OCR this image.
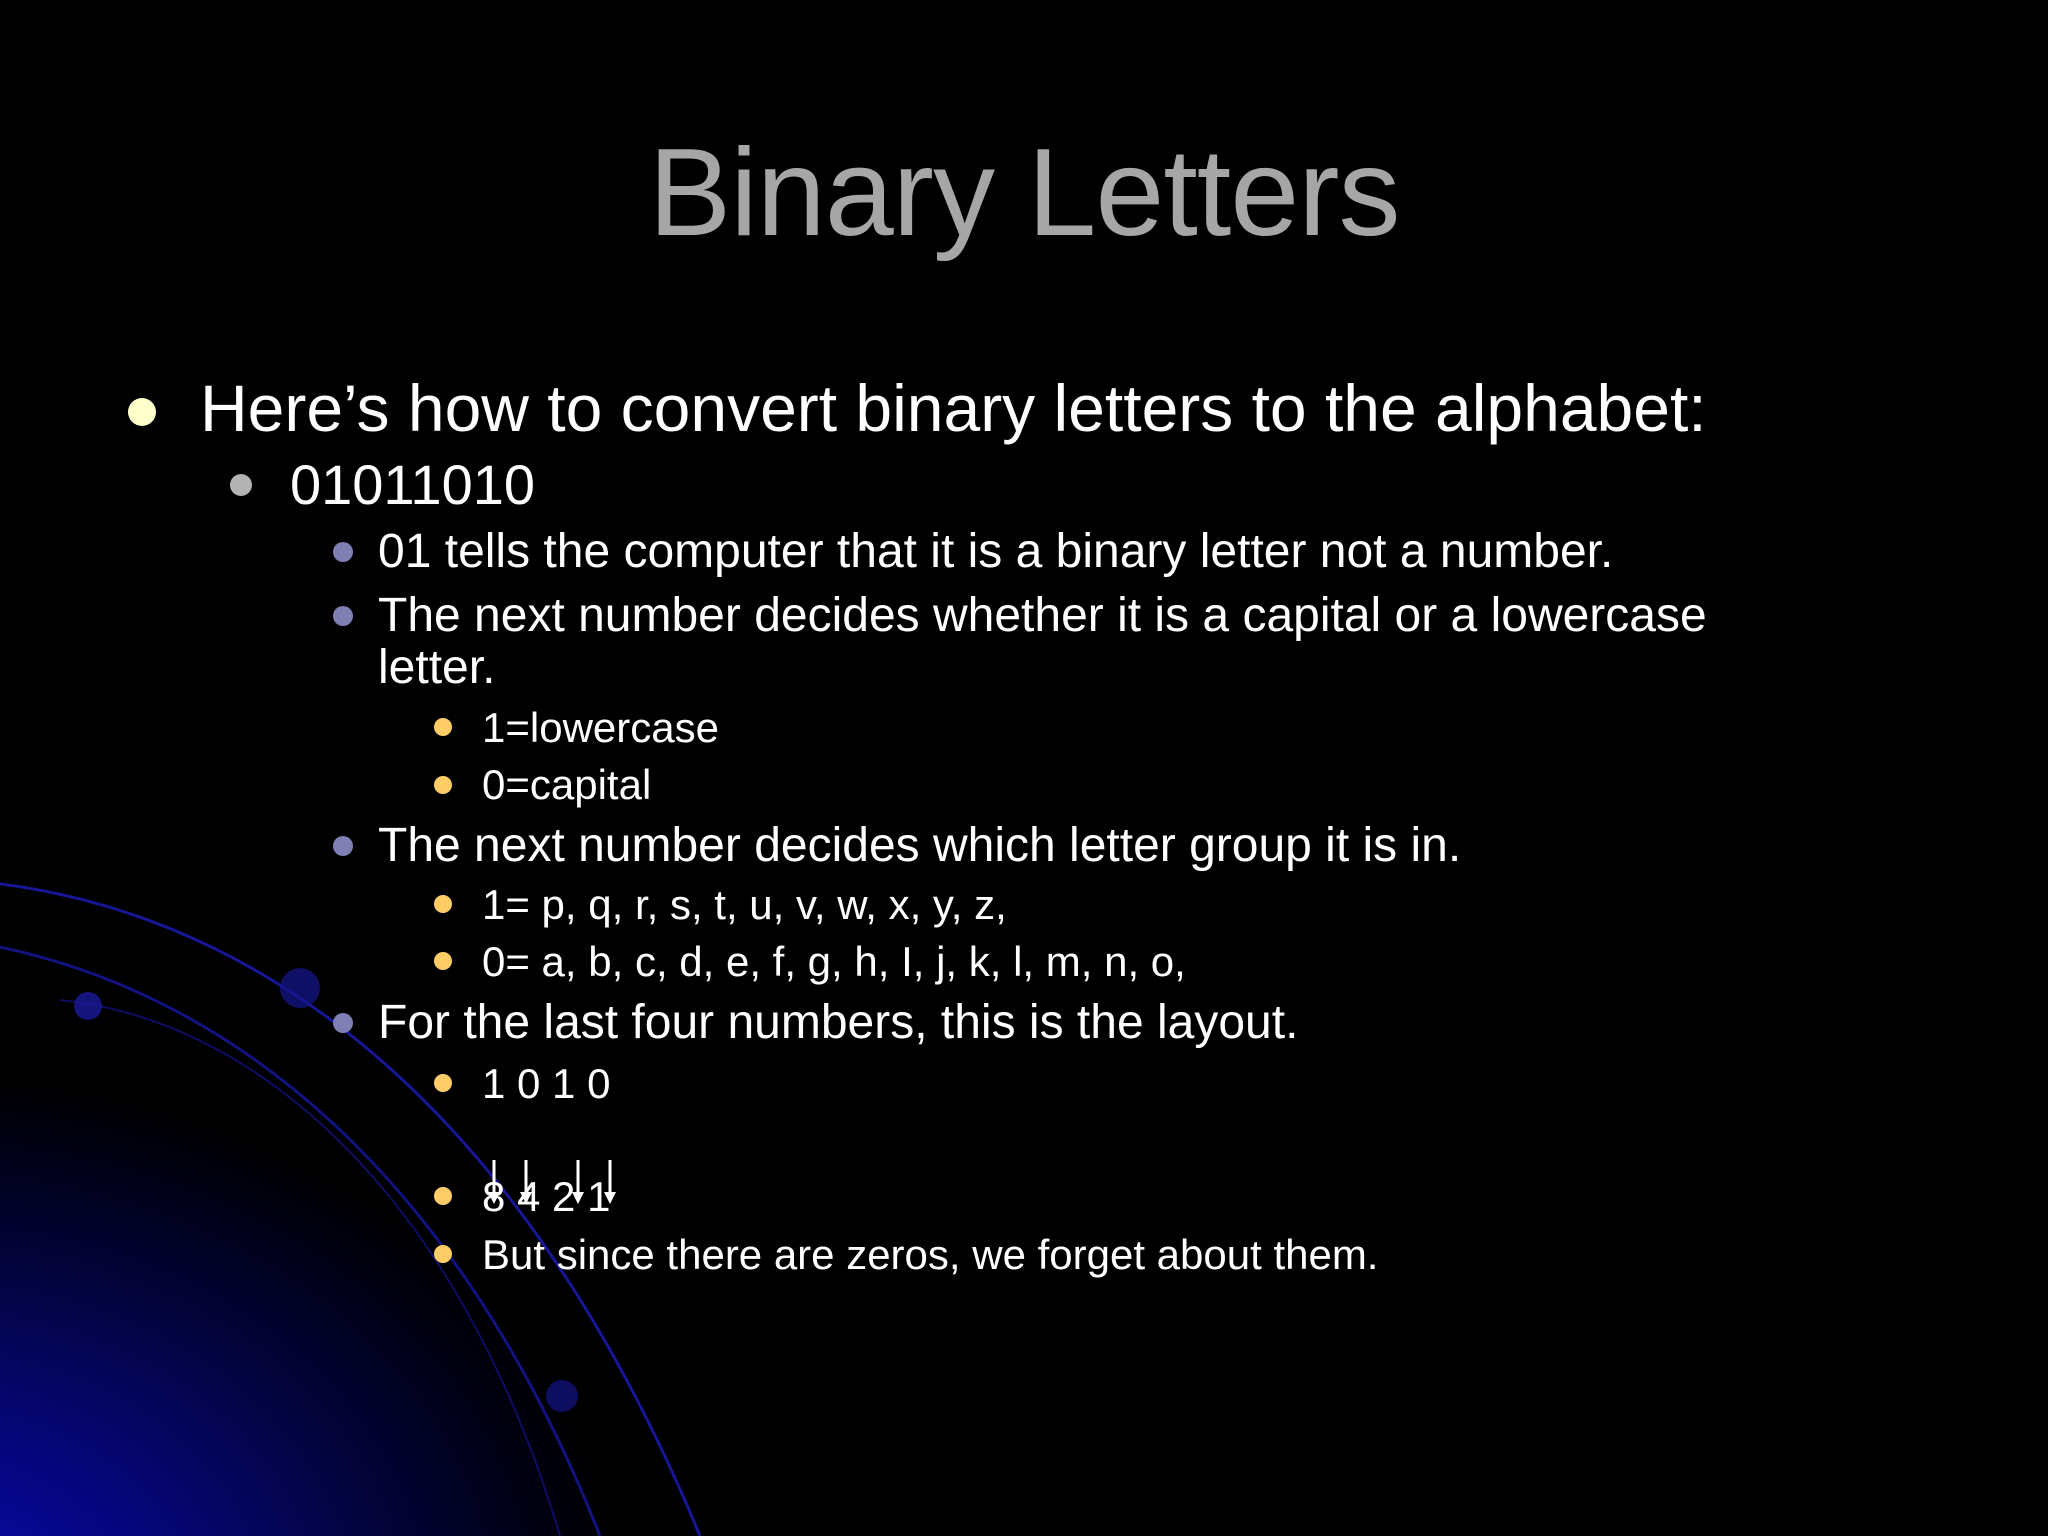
Binary Letters
Here’s how to convert binary letters to the alphabet:
01011010
01 tells the computer that it is a binary letter not a number.
The next number decides whether it is a capital or a lowercase
letter.
1=lowercase
0=capital
The next number decides which letter group it is in.
1= p, q, r, s, t, u, v, w, x, y, z,
0= a, b, c, d, e, f, g, h, I, j, k, l, m, n, o,
For the last four numbers, this is the layout.
1 0 1 0
8 4 2 1
But since there are zeros, we forget about them.
